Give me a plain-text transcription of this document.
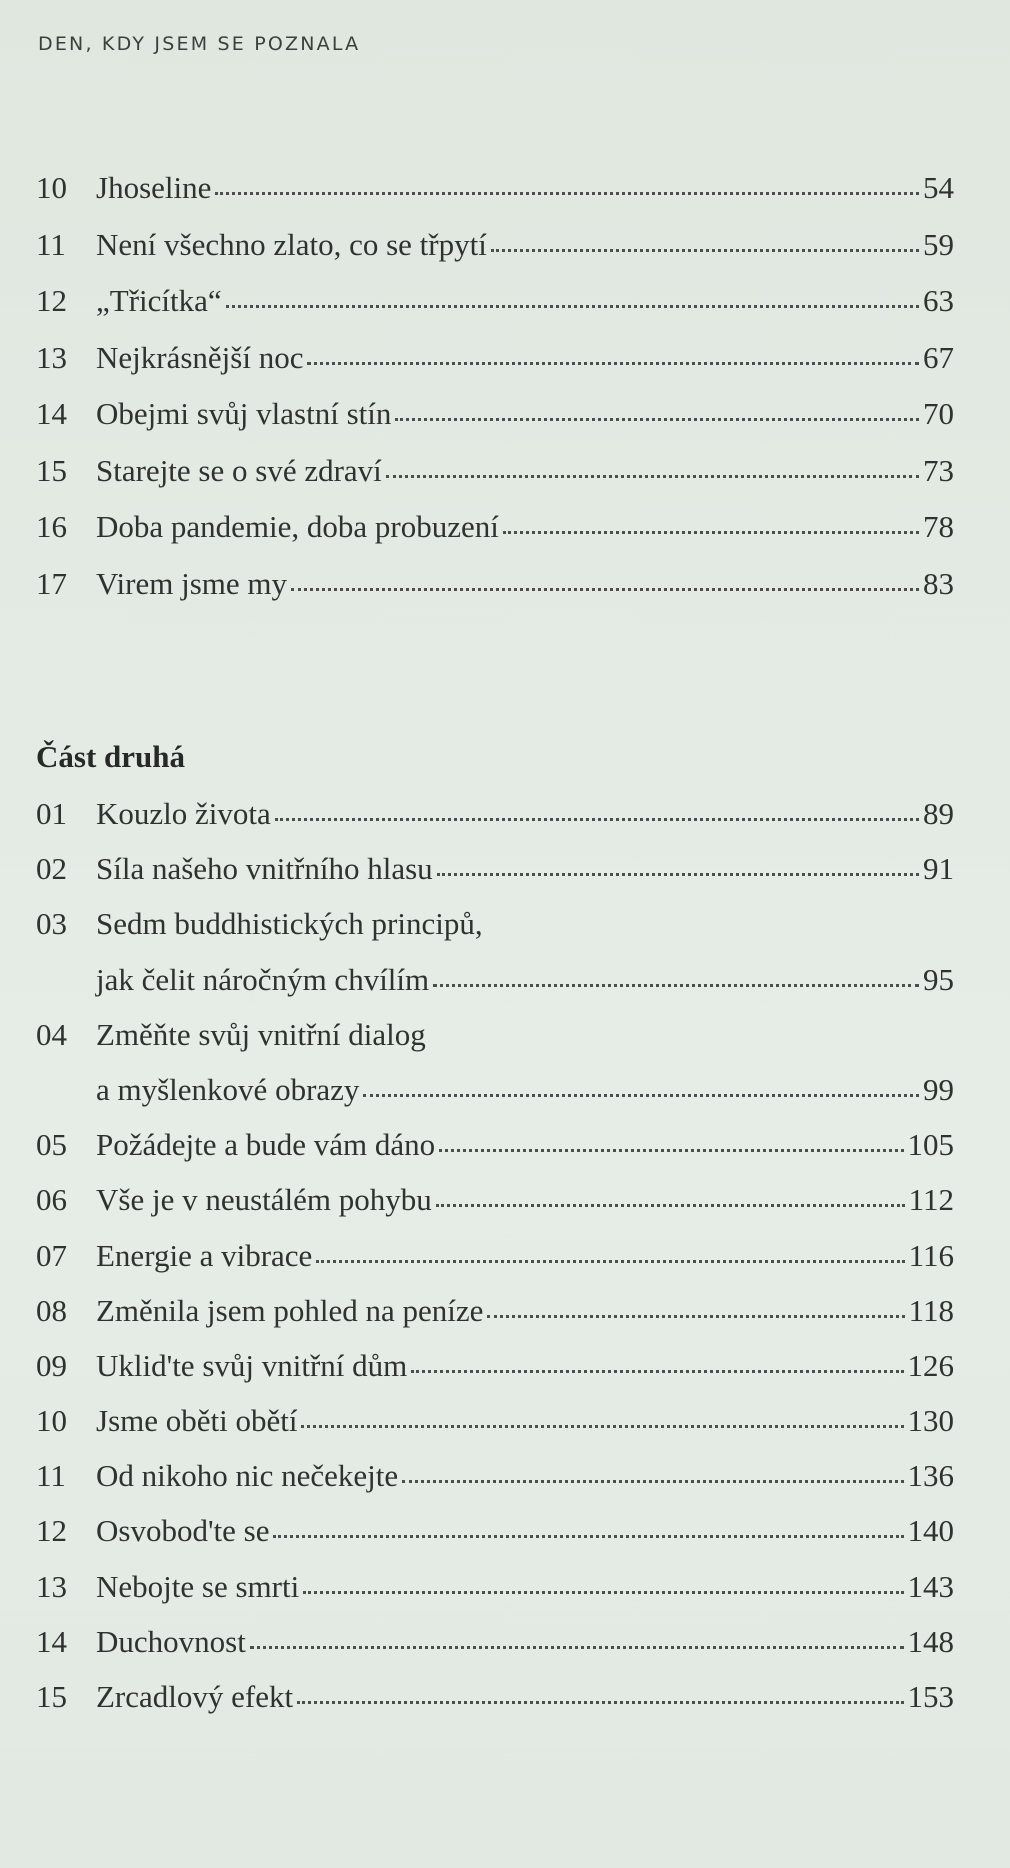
DEN, KDY JSEM SE POZNALA
10 Jhoseline	54
11 Není všechno zlato, co se třpytí	59
12 „Třicítka“	63
13 Nejkrásnější noc	67
14 Obejmi svůj vlastní stín	70
15 Starejte se o své zdraví	73
16 Doba pandemie, doba probuzení	78
17 Virem jsme my	83
Část druhá
01 Kouzlo života	89
02 Síla našeho vnitřního hlasu	91
03 Sedm buddhistických principů,
jak čelit náročným chvílím	95
04 Změňte svůj vnitřní dialog
a myšlenkové obrazy	99
05 Požádejte a bude vám dáno	105
06 Vše je v neustálém pohybu	112
07 Energie a vibrace	116
08 Změnila jsem pohled na peníze	118
09 Uklid'te svůj vnitřní dům	126
10 Jsme oběti obětí	130
11 Od nikoho nic nečekejte	136
12 Osvobod'te se	140
13 Nebojte se smrti	143
14 Duchovnost	148
15 Zrcadlový efekt	153
